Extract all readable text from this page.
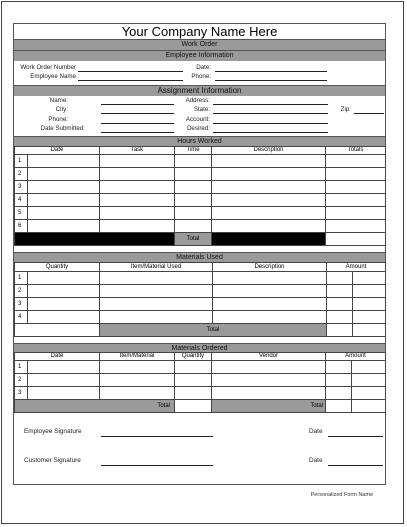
Your Company Name Here
Work Order
Employee Information
Work Order Number
Employee Name
Date:
Phone:
Assignment Information
Name:
City:
Phone:
Date Submitted:
Address:
State:
Account:
Desired:
Zip:
Hours Worked
Date		Task	Time	Description	Totals
1					
2					
3					
4					
5					
6					
			Total		
Materials Used
Quantity		Item/Material Used	Description	Amount	
1					
2					
3					
4					
		Total			
Materials Ordered
Date		Item/Material	Quantity	Vendor	Amount	
1						
2						
3						
Total				Total		
Employee Signature	Date
Customer Signature	Date
Personalized Form Name
